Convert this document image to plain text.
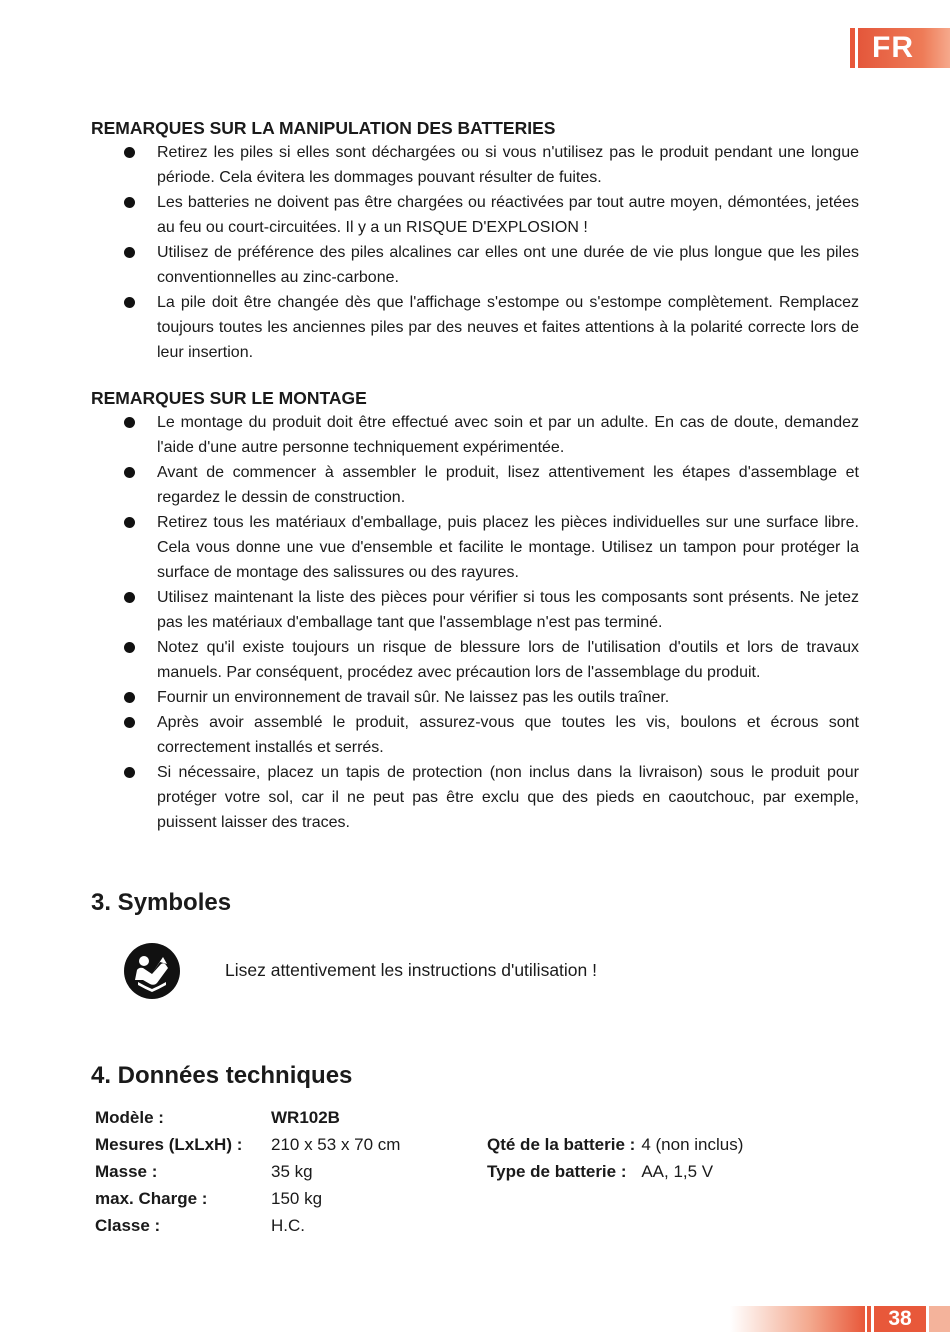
FR
REMARQUES SUR LA MANIPULATION DES BATTERIES
Retirez les piles si elles sont déchargées ou si vous n'utilisez pas le produit pendant une longue période. Cela évitera les dommages pouvant résulter de fuites.
Les batteries ne doivent pas être chargées ou réactivées par tout autre moyen, démontées, jetées au feu ou court-circuitées. Il y a un RISQUE D'EXPLOSION !
Utilisez de préférence des piles alcalines car elles ont une durée de vie plus longue que les piles conventionnelles au zinc-carbone.
La pile doit être changée dès que l'affichage s'estompe ou s'estompe complètement. Remplacez toujours toutes les anciennes piles par des neuves et faites attentions à la polarité correcte lors de leur insertion.
REMARQUES SUR LE MONTAGE
Le montage du produit doit être effectué avec soin et par un adulte. En cas de doute, demandez l'aide d'une autre personne techniquement expérimentée.
Avant de commencer à assembler le produit, lisez attentivement les étapes d'assemblage et regardez le dessin de construction.
Retirez tous les matériaux d'emballage, puis placez les pièces individuelles sur une surface libre. Cela vous donne une vue d'ensemble et facilite le montage. Utilisez un tampon pour protéger la surface de montage des salissures ou des rayures.
Utilisez maintenant la liste des pièces pour vérifier si tous les composants sont présents. Ne jetez pas les matériaux d'emballage tant que l'assemblage n'est pas terminé.
Notez qu'il existe toujours un risque de blessure lors de l'utilisation d'outils et lors de travaux manuels. Par conséquent, procédez avec précaution lors de l'assemblage du produit.
Fournir un environnement de travail sûr. Ne laissez pas les outils traîner.
Après avoir assemblé le produit, assurez-vous que toutes les vis, boulons et écrous sont correctement installés et serrés.
Si nécessaire, placez un tapis de protection (non inclus dans la livraison) sous le produit pour protéger votre sol, car il ne peut pas être exclu que des pieds en caoutchouc, par exemple, puissent laisser des traces.
3. Symboles
Lisez attentivement les instructions d'utilisation !
4. Données techniques
Modèle :	WR102B		
Mesures (LxLxH) :	210 x 53 x 70 cm	Qté de la batterie :	4 (non inclus)
Masse :	35 kg	Type de batterie :	AA, 1,5 V
max. Charge :	150 kg		
Classe :	H.C.		
38
